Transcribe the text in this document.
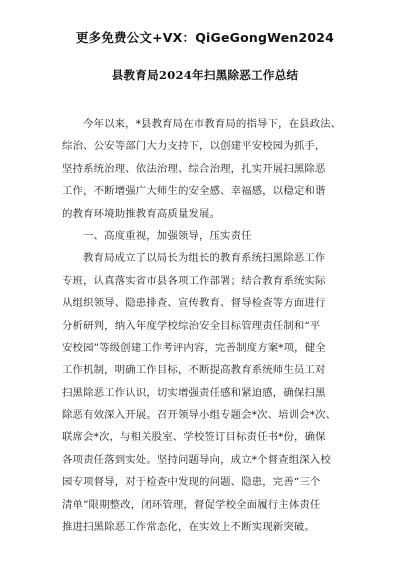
更多免费公文+VX：QiGeGongWen2024
县教育局2024年扫黑除恶工作总结
今年以来，*县教育局在市教育局的指导下，在县政法、
综治、公安等部门大力支持下，以创建平安校园为抓手，
坚持系统治理、依法治理、综合治理，扎实开展扫黑除恶
工作，不断增强广大师生的安全感、幸福感，以稳定和谐
的教育环境助推教育高质量发展。
一、高度重视，加强领导，压实责任
教育局成立了以局长为组长的教育系统扫黑除恶工作
专班，认真落实省市县各项工作部署；结合教育系统实际
从组织领导、隐患排查、宣传教育、督导检查等方面进行
分析研判，纳入年度学校综治安全目标管理责任制和“平
安校园”等级创建工作考评内容，完善制度方案*项，健全
工作机制，明确工作目标，不断提高教育系统师生员工对
扫黑除恶工作认识，切实增强责任感和紧迫感，确保扫黑
除恶有效深入开展。召开领导小组专题会*次、培训会*次、
联席会*次，与相关股室、学校签订目标责任书*份，确保
各项责任落到实处。坚持问题导向，成立*个督查组深入校
园专项督导，对于检查中发现的问题、隐患，完善“三个
清单”限期整改，闭环管理，督促学校全面履行主体责任
推进扫黑除恶工作常态化，在实效上不断实现新突破。
